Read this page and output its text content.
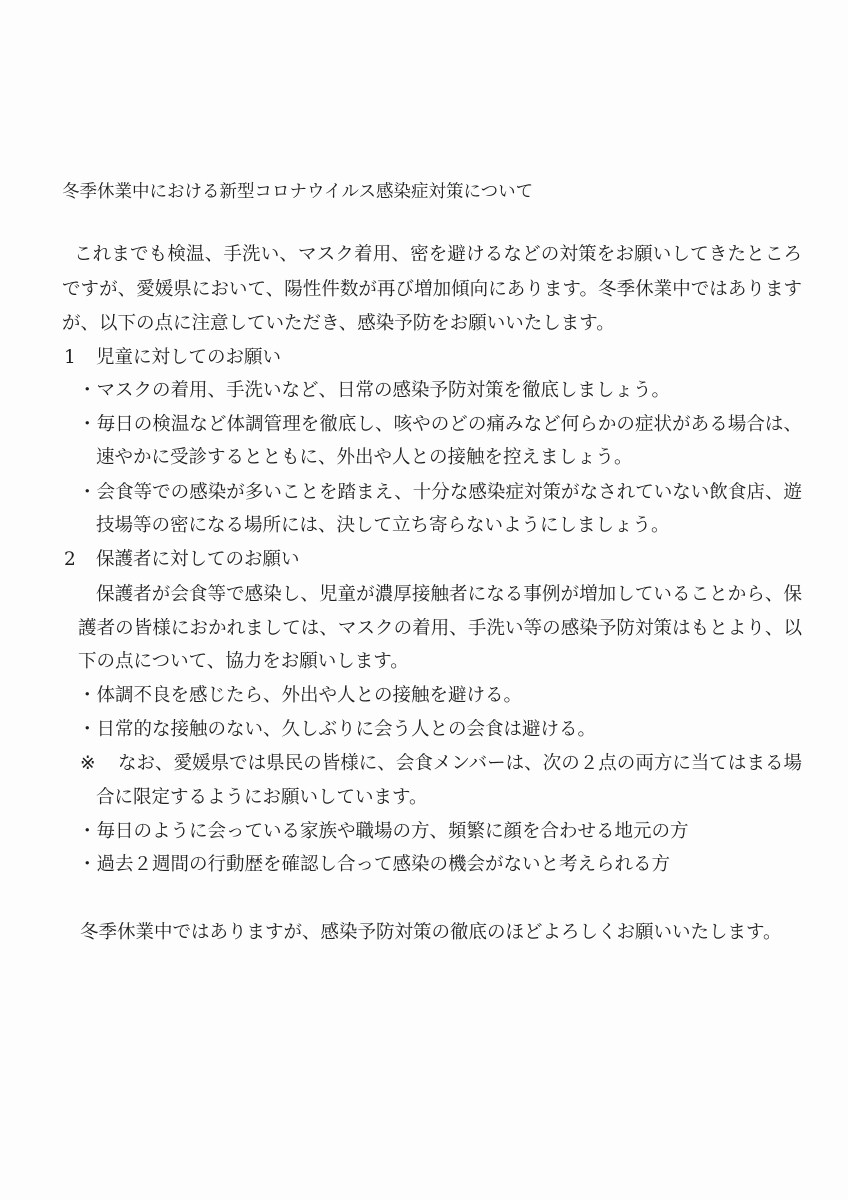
冬季休業中における新型コロナウイルス感染症対策について
これまでも検温、手洗い、マスク着用、密を避けるなどの対策をお願いしてきたところ
ですが、愛媛県において、陽性件数が再び増加傾向にあります。冬季休業中ではあります
が、以下の点に注意していただき、感染予防をお願いいたします。
1 児童に対してのお願い
・マスクの着用、手洗いなど、日常の感染予防対策を徹底しましょう。
・毎日の検温など体調管理を徹底し、咳やのどの痛みなど何らかの症状がある場合は、
速やかに受診するとともに、外出や人との接触を控えましょう。
・会食等での感染が多いことを踏まえ、十分な感染症対策がなされていない飲食店、遊
技場等の密になる場所には、決して立ち寄らないようにしましょう。
2 保護者に対してのお願い
保護者が会食等で感染し、児童が濃厚接触者になる事例が増加していることから、保
護者の皆様におかれましては、マスクの着用、手洗い等の感染予防対策はもとより、以
下の点について、協力をお願いします。
・体調不良を感じたら、外出や人との接触を避ける。
・日常的な接触のない、久しぶりに会う人との会食は避ける。
※ なお、愛媛県では県民の皆様に、会食メンバーは、次の２点の両方に当てはまる場
合に限定するようにお願いしています。
・毎日のように会っている家族や職場の方、頻繁に顔を合わせる地元の方
・過去２週間の行動歴を確認し合って感染の機会がないと考えられる方
冬季休業中ではありますが、感染予防対策の徹底のほどよろしくお願いいたします。
